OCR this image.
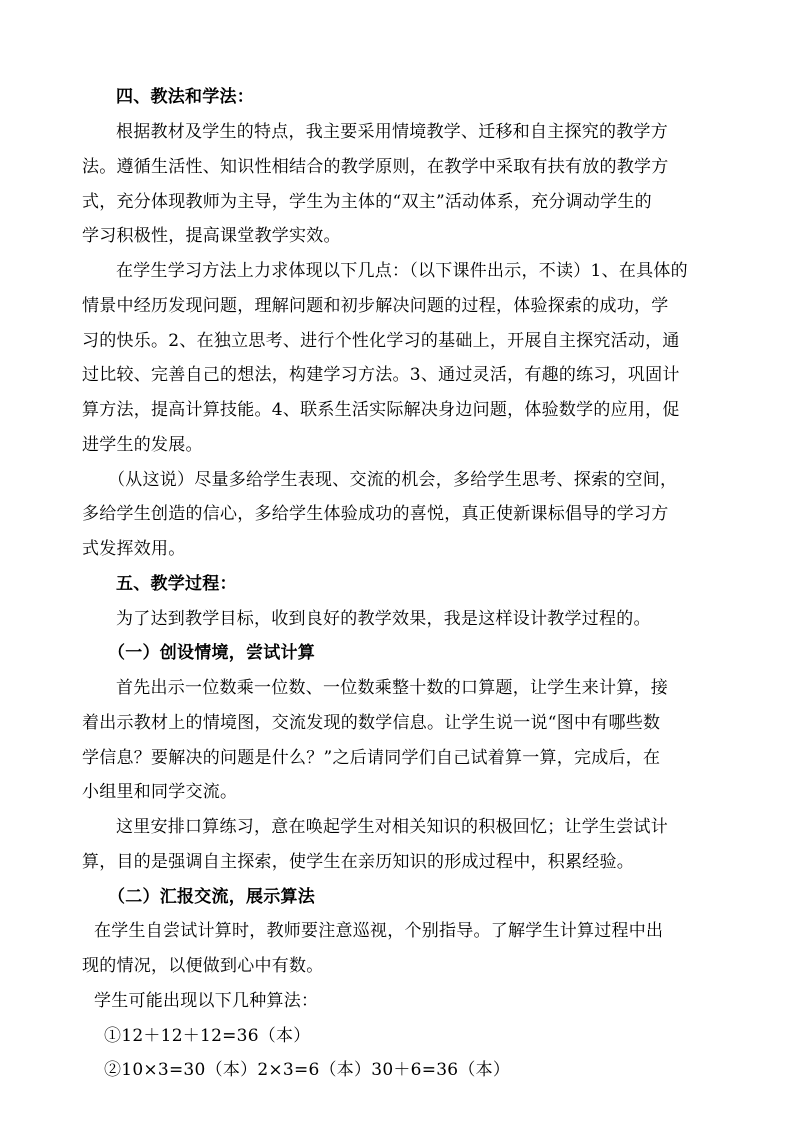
四、教法和学法：
根据教材及学生的特点，我主要采用情境教学、迁移和自主探究的教学方
法。遵循生活性、知识性相结合的教学原则，在教学中采取有扶有放的教学方
式，充分体现教师为主导，学生为主体的“双主”活动体系，充分调动学生的
学习积极性，提高课堂教学实效。
在学生学习方法上力求体现以下几点：（以下课件出示，不读）1、在具体的
情景中经历发现问题，理解问题和初步解决问题的过程，体验探索的成功，学
习的快乐。2、在独立思考、进行个性化学习的基础上，开展自主探究活动，通
过比较、完善自己的想法，构建学习方法。3、通过灵活，有趣的练习，巩固计
算方法，提高计算技能。4、联系生活实际解决身边问题，体验数学的应用，促
进学生的发展。
（从这说）尽量多给学生表现、交流的机会，多给学生思考、探索的空间，
多给学生创造的信心，多给学生体验成功的喜悦，真正使新课标倡导的学习方
式发挥效用。
五、教学过程：
为了达到教学目标，收到良好的教学效果，我是这样设计教学过程的。
（一）创设情境，尝试计算
首先出示一位数乘一位数、一位数乘整十数的口算题，让学生来计算，接
着出示教材上的情境图，交流发现的数学信息。让学生说一说“图中有哪些数
学信息？要解决的问题是什么？”之后请同学们自己试着算一算，完成后，在
小组里和同学交流。
这里安排口算练习，意在唤起学生对相关知识的积极回忆；让学生尝试计
算，目的是强调自主探索，使学生在亲历知识的形成过程中，积累经验。
（二）汇报交流，展示算法
在学生自尝试计算时，教师要注意巡视，个别指导。了解学生计算过程中出
现的情况，以便做到心中有数。
学生可能出现以下几种算法：
①12＋12＋12=36（本）
②10×3=30（本）2×3=6（本）30＋6=36（本）
